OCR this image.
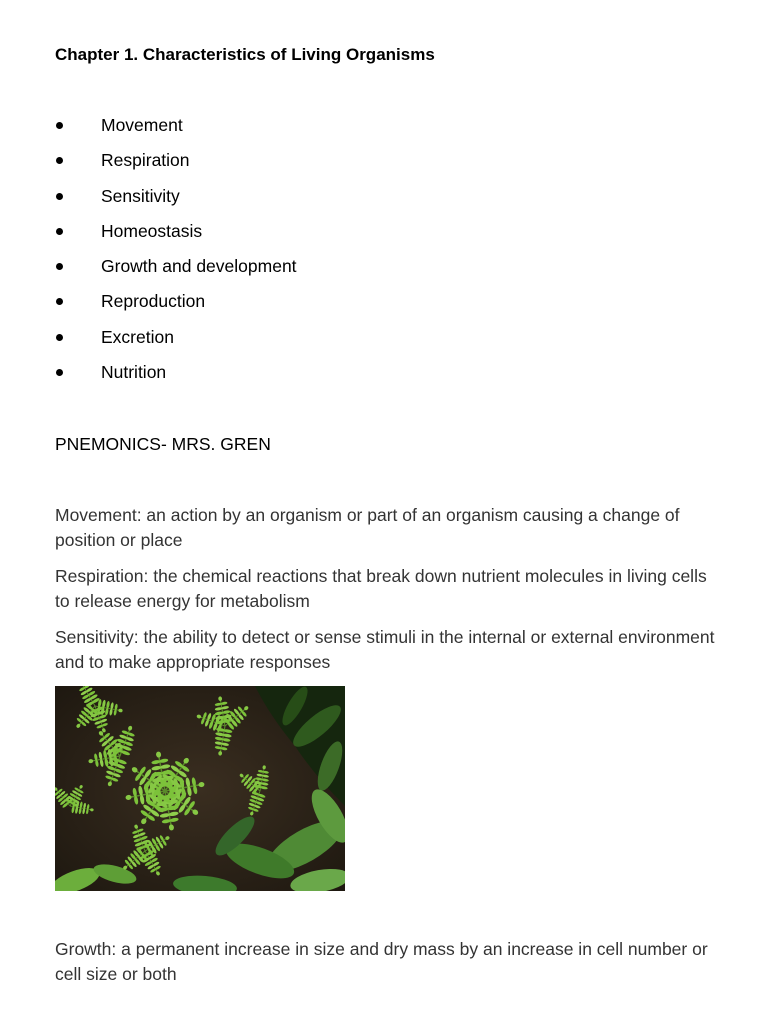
Chapter 1. Characteristics of Living Organisms
Movement
Respiration
Sensitivity
Homeostasis
Growth and development
Reproduction
Excretion
Nutrition
PNEMONICS- MRS. GREN
Movement: an action by an organism or part of an organism causing a change of position or place
Respiration: the chemical reactions that break down nutrient molecules in living cells to release energy for metabolism
Sensitivity: the ability to detect or sense stimuli in the internal or external environment and to make appropriate responses
Growth: a permanent increase in size and dry mass by an increase in cell number or cell size or both
